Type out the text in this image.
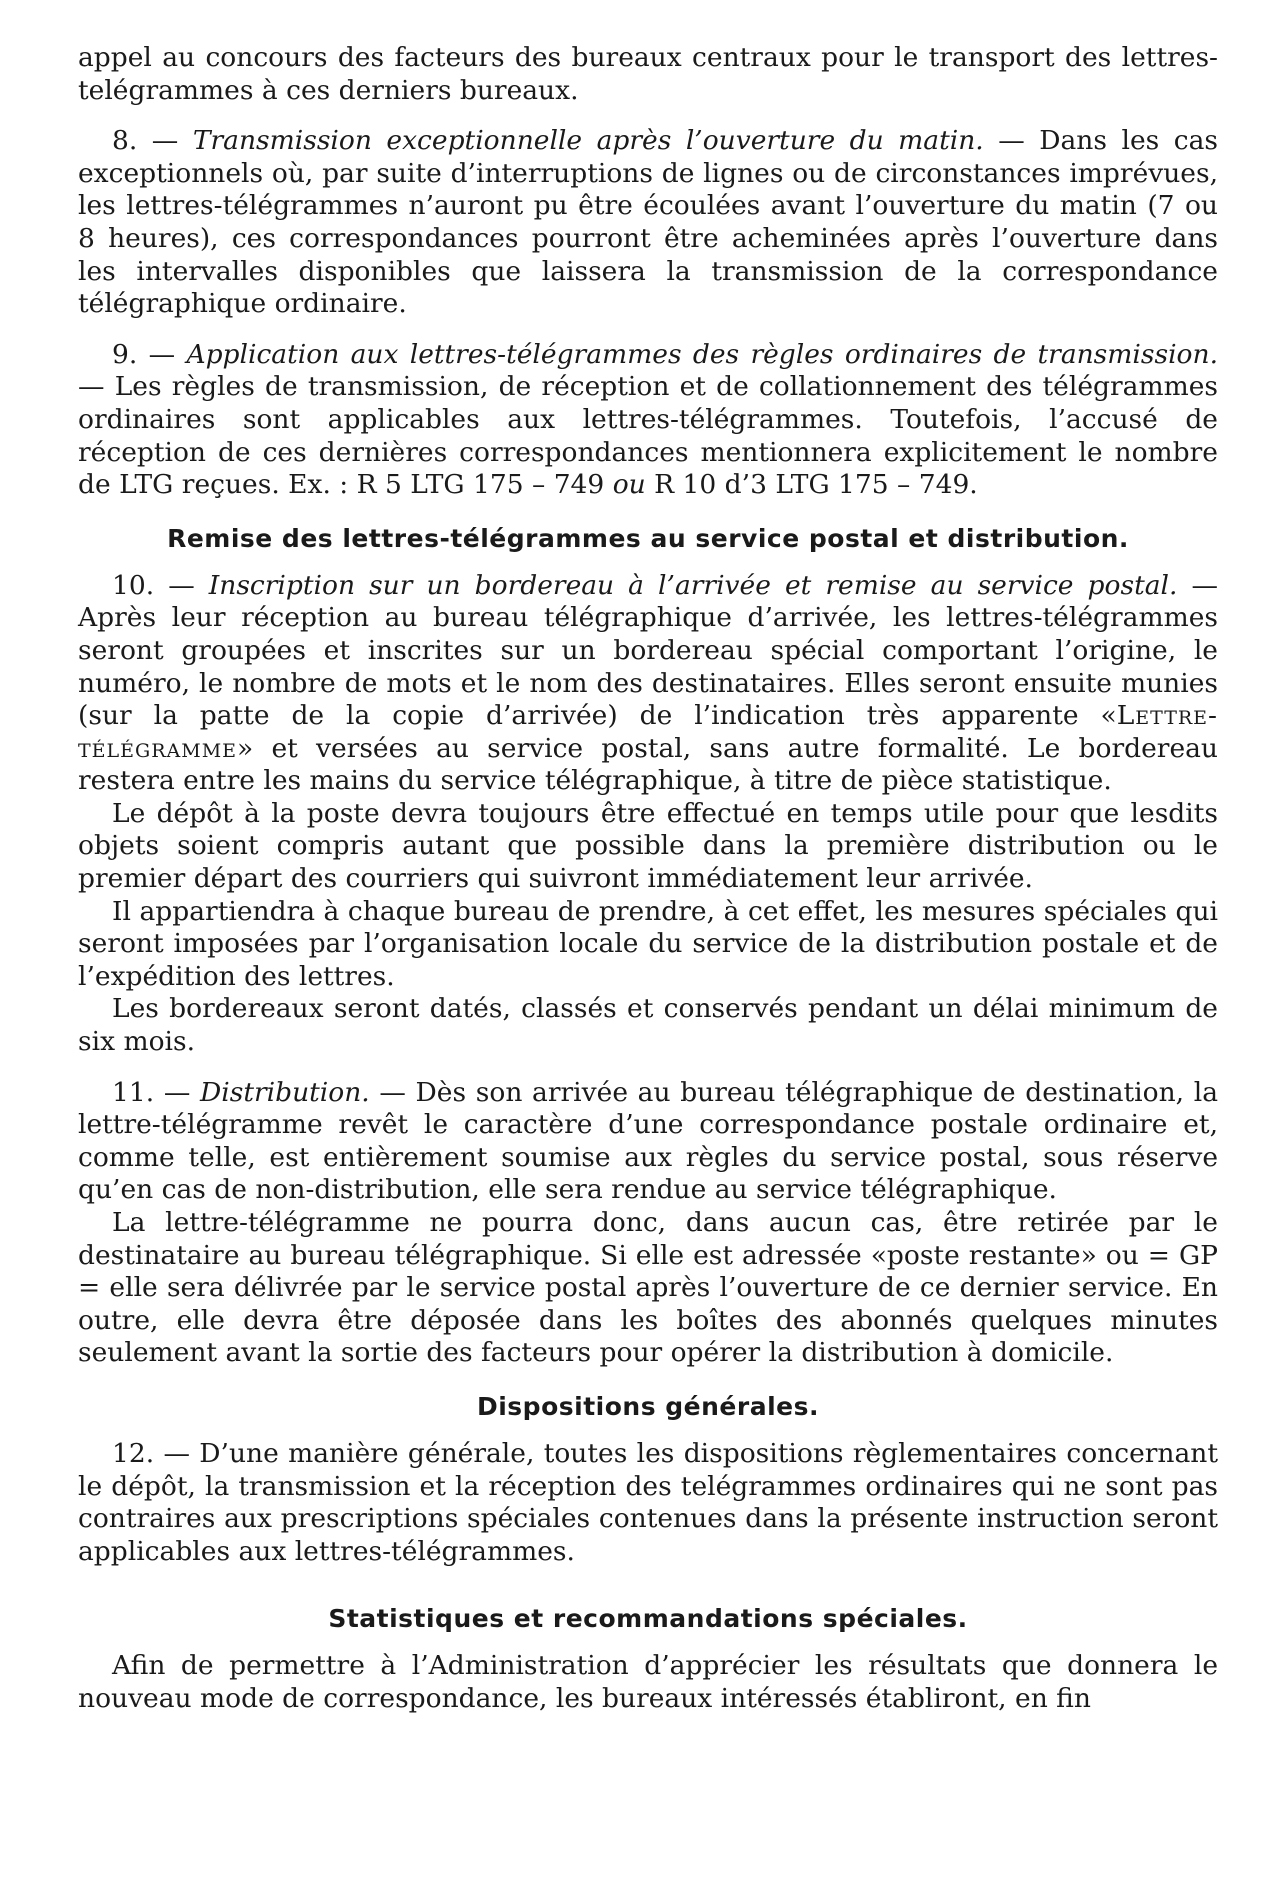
appel au concours des facteurs des bureaux centraux pour le transport des lettres-telégrammes à ces derniers bureaux.

8. — Transmission exceptionnelle après l’ouverture du matin. — Dans les cas exceptionnels où, par suite d’interruptions de lignes ou de circonstances imprévues, les lettres-télégrammes n’auront pu être écoulées avant l’ouverture du matin (7 ou 8 heures), ces correspondances pourront être acheminées après l’ouverture dans les intervalles disponibles que laissera la transmission de la correspondance télégraphique ordinaire.

9. — Application aux lettres-télégrammes des règles ordinaires de transmission. — Les règles de transmission, de réception et de collationnement des télégrammes ordinaires sont applicables aux lettres-télégrammes. Toutefois, l’accusé de réception de ces dernières correspondances mentionnera explicitement le nombre de LTG reçues. Ex. : R 5 LTG 175 – 749 ou R 10 d’3 LTG 175 – 749.

Remise des lettres-télégrammes au service postal et distribution.

10. — Inscription sur un bordereau à l’arrivée et remise au service postal. — Après leur réception au bureau télégraphique d’arrivée, les lettres-télégrammes seront groupées et inscrites sur un bordereau spécial comportant l’origine, le numéro, le nombre de mots et le nom des destinataires. Elles seront ensuite munies (sur la patte de la copie d’arrivée) de l’indication très apparente «Lettre-télégramme» et versées au service postal, sans autre formalité. Le bordereau restera entre les mains du service télégraphique, à titre de pièce statistique.

Le dépôt à la poste devra toujours être effectué en temps utile pour que lesdits objets soient compris autant que possible dans la première distribution ou le premier départ des courriers qui suivront immédiatement leur arrivée.

Il appartiendra à chaque bureau de prendre, à cet effet, les mesures spéciales qui seront imposées par l’organisation locale du service de la distribution postale et de l’expédition des lettres.

Les bordereaux seront datés, classés et conservés pendant un délai minimum de six mois.

11. — Distribution. — Dès son arrivée au bureau télégraphique de destination, la lettre-télégramme revêt le caractère d’une correspondance postale ordinaire et, comme telle, est entièrement soumise aux règles du service postal, sous réserve qu’en cas de non-distribution, elle sera rendue au service télégraphique.

La lettre-télégramme ne pourra donc, dans aucun cas, être retirée par le destinataire au bureau télégraphique. Si elle est adressée «poste restante» ou = GP = elle sera délivrée par le service postal après l’ouverture de ce dernier service. En outre, elle devra être déposée dans les boîtes des abonnés quelques minutes seulement avant la sortie des facteurs pour opérer la distribution à domicile.

Dispositions générales.

12. — D’une manière générale, toutes les dispositions règlementaires concernant le dépôt, la transmission et la réception des telégrammes ordinaires qui ne sont pas contraires aux prescriptions spéciales contenues dans la présente instruction seront applicables aux lettres-télégrammes.

Statistiques et recommandations spéciales.

Afin de permettre à l’Administration d’apprécier les résultats que donnera le nouveau mode de correspondance, les bureaux intéressés établiront, en fin
